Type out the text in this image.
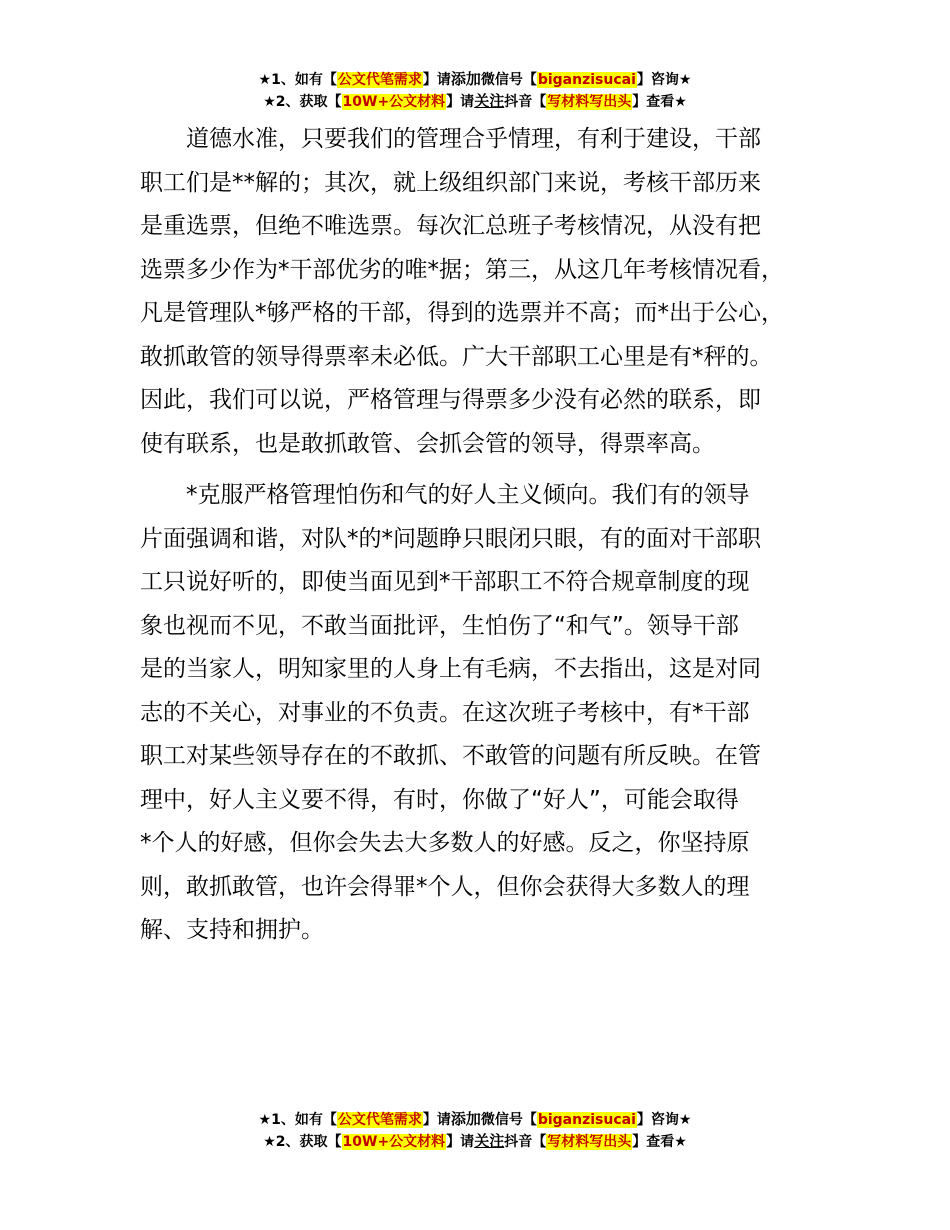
★1、如有【公文代笔需求】请添加微信号【biganzisucai】咨询★
★2、获取【10W+公文材料】请关注抖音【写材料写出头】查看★

道德水准，只要我们的管理合乎情理，有利于建设，干部
职工们是**解的；其次，就上级组织部门来说，考核干部历来
是重选票，但绝不唯选票。每次汇总班子考核情况，从没有把
选票多少作为*干部优劣的唯*据；第三，从这几年考核情况看，
凡是管理队*够严格的干部，得到的选票并不高；而*出于公心，
敢抓敢管的领导得票率未必低。广大干部职工心里是有*秤的。
因此，我们可以说，严格管理与得票多少没有必然的联系，即
使有联系，也是敢抓敢管、会抓会管的领导，得票率高。

*克服严格管理怕伤和气的好人主义倾向。我们有的领导
片面强调和谐，对队*的*问题睁只眼闭只眼，有的面对干部职
工只说好听的，即使当面见到*干部职工不符合规章制度的现
象也视而不见，不敢当面批评，生怕伤了“和气”。领导干部
是的当家人，明知家里的人身上有毛病，不去指出，这是对同
志的不关心，对事业的不负责。在这次班子考核中，有*干部
职工对某些领导存在的不敢抓、不敢管的问题有所反映。在管
理中，好人主义要不得，有时，你做了“好人”，可能会取得
*个人的好感，但你会失去大多数人的好感。反之，你坚持原
则，敢抓敢管，也许会得罪*个人，但你会获得大多数人的理
解、支持和拥护。

★1、如有【公文代笔需求】请添加微信号【biganzisucai】咨询★
★2、获取【10W+公文材料】请关注抖音【写材料写出头】查看★
